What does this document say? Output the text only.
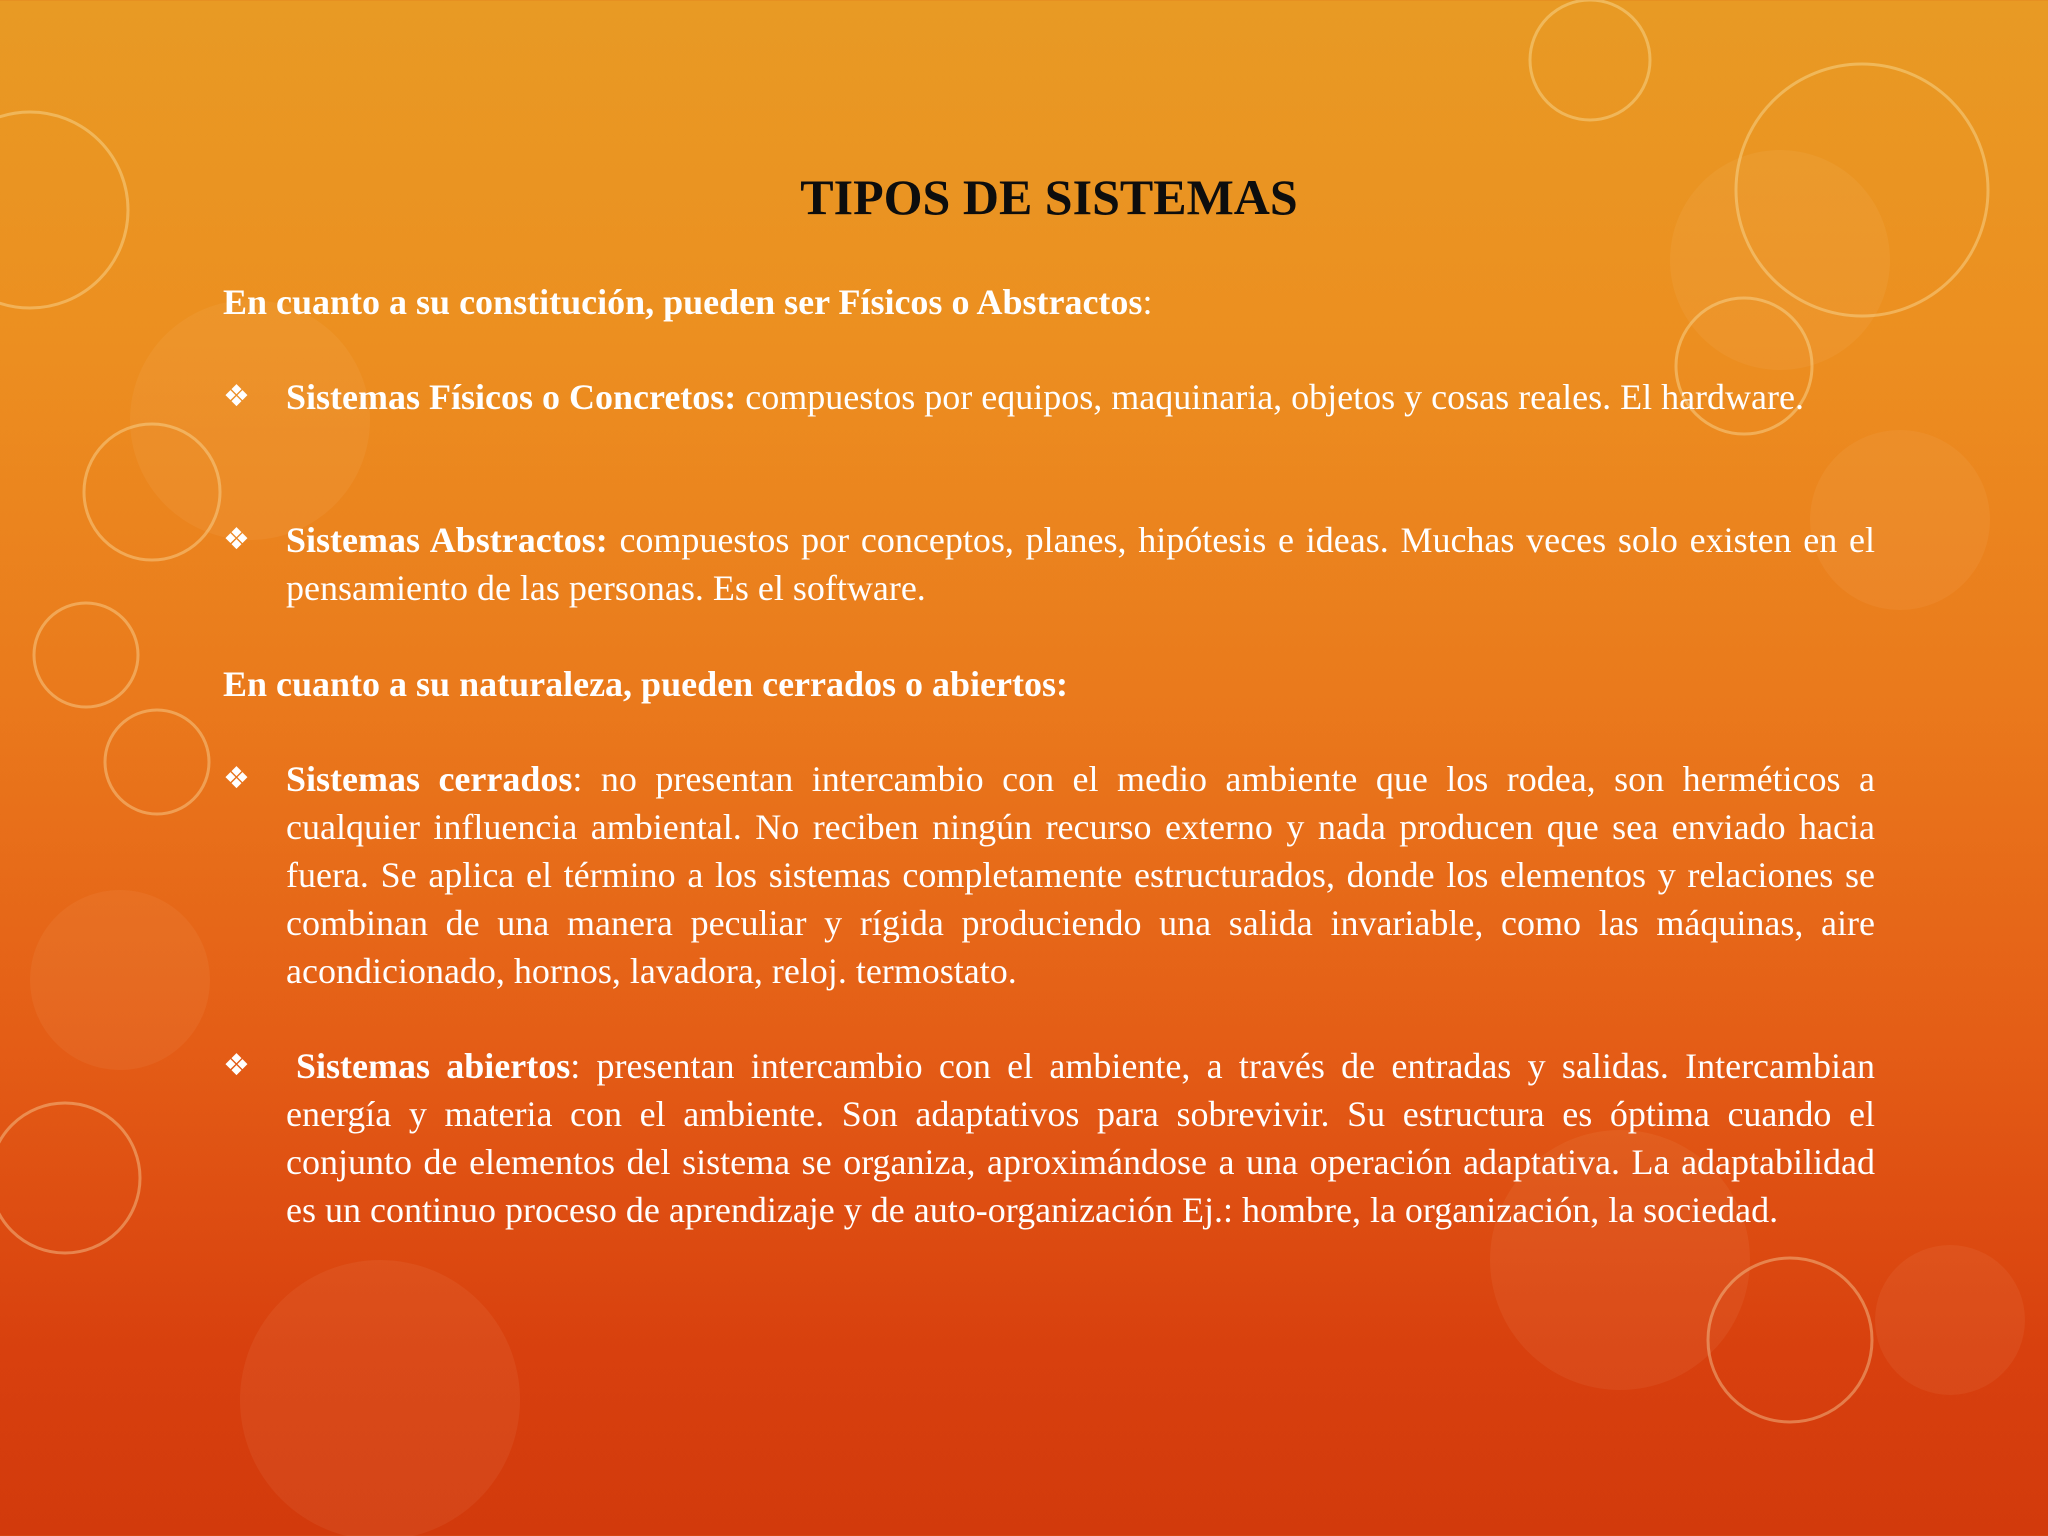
TIPOS DE SISTEMAS

En cuanto a su constitución, pueden ser Físicos o Abstractos:

❖	Sistemas Físicos o Concretos: compuestos por equipos, maquinaria, objetos y cosas reales. El hardware.

❖	Sistemas Abstractos: compuestos por conceptos, planes, hipótesis e ideas. Muchas veces solo existen en el pensamiento de las personas. Es el software.

En cuanto a su naturaleza, pueden cerrados o abiertos:

❖	Sistemas cerrados: no presentan intercambio con el medio ambiente que los rodea, son herméticos a cualquier influencia ambiental. No reciben ningún recurso externo y nada producen que sea enviado hacia fuera. Se aplica el término a los sistemas completamente estructurados, donde los elementos y relaciones se combinan de una manera peculiar y rígida produciendo una salida invariable, como las máquinas, aire acondicionado, hornos, lavadora, reloj. termostato.

❖	Sistemas abiertos: presentan intercambio con el ambiente, a través de entradas y salidas. Intercambian energía y materia con el ambiente. Son adaptativos para sobrevivir. Su estructura es óptima cuando el conjunto de elementos del sistema se organiza, aproximándose a una operación adaptativa. La adaptabilidad es un continuo proceso de aprendizaje y de auto-organización Ej.: hombre, la organización, la sociedad.
